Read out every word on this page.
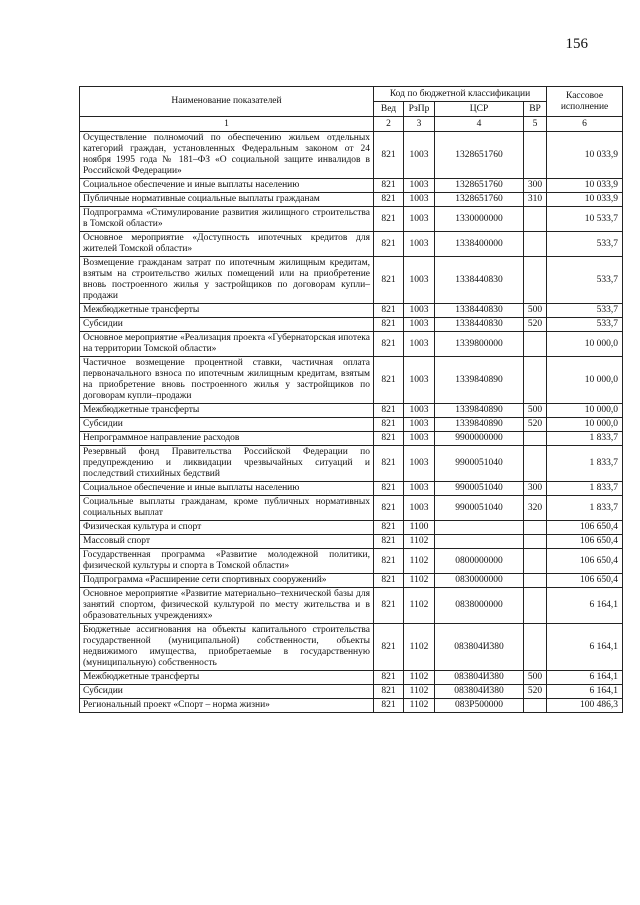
156
Наименование показателей	Код по бюджетной классификации				Кассовое исполнение
	Вед	РзПр	ЦСР	ВР	
1	2	3	4	5	6
Осуществление полномочий по обеспечению жильем отдельных категорий граждан, установленных Федеральным законом от 24 ноября 1995 года № 181–ФЗ «О социальной защите инвалидов в Российской Федерации»	821	1003	1328651760		10 033,9
Социальное обеспечение и иные выплаты населению	821	1003	1328651760	300	10 033,9
Публичные нормативные социальные выплаты гражданам	821	1003	1328651760	310	10 033,9
Подпрограмма «Стимулирование развития жилищного строительства в Томской области»	821	1003	1330000000		10 533,7
Основное мероприятие «Доступность ипотечных кредитов для жителей Томской области»	821	1003	1338400000		533,7
Возмещение гражданам затрат по ипотечным жилищным кредитам, взятым на строительство жилых помещений или на приобретение вновь построенного жилья у застройщиков по договорам купли–продажи	821	1003	1338440830		533,7
Межбюджетные трансферты	821	1003	1338440830	500	533,7
Субсидии	821	1003	1338440830	520	533,7
Основное мероприятие «Реализация проекта «Губернаторская ипотека на территории Томской области»	821	1003	1339800000		10 000,0
Частичное возмещение процентной ставки, частичная оплата первоначального взноса по ипотечным жилищным кредитам, взятым на приобретение вновь построенного жилья у застройщиков по договорам купли–продажи	821	1003	1339840890		10 000,0
Межбюджетные трансферты	821	1003	1339840890	500	10 000,0
Субсидии	821	1003	1339840890	520	10 000,0
Непрограммное направление расходов	821	1003	9900000000		1 833,7
Резервный фонд Правительства Российской Федерации по предупреждению и ликвидации чрезвычайных ситуаций и последствий стихийных бедствий	821	1003	9900051040		1 833,7
Социальное обеспечение и иные выплаты населению	821	1003	9900051040	300	1 833,7
Социальные выплаты гражданам, кроме публичных нормативных социальных выплат	821	1003	9900051040	320	1 833,7
Физическая культура и спорт	821	1100			106 650,4
Массовый спорт	821	1102			106 650,4
Государственная программа «Развитие молодежной политики, физической культуры и спорта в Томской области»	821	1102	0800000000		106 650,4
Подпрограмма «Расширение сети спортивных сооружений»	821	1102	0830000000		106 650,4
Основное мероприятие «Развитие материально–технической базы для занятий спортом, физической культурой по месту жительства и в образовательных учреждениях»	821	1102	0838000000		6 164,1
Бюджетные ассигнования на объекты капитального строительства государственной (муниципальной) собственности, объекты недвижимого имущества, приобретаемые в государственную (муниципальную) собственность	821	1102	083804И380		6 164,1
Межбюджетные трансферты	821	1102	083804И380	500	6 164,1
Субсидии	821	1102	083804И380	520	6 164,1
Региональный проект «Спорт – норма жизни»	821	1102	083P500000		100 486,3
